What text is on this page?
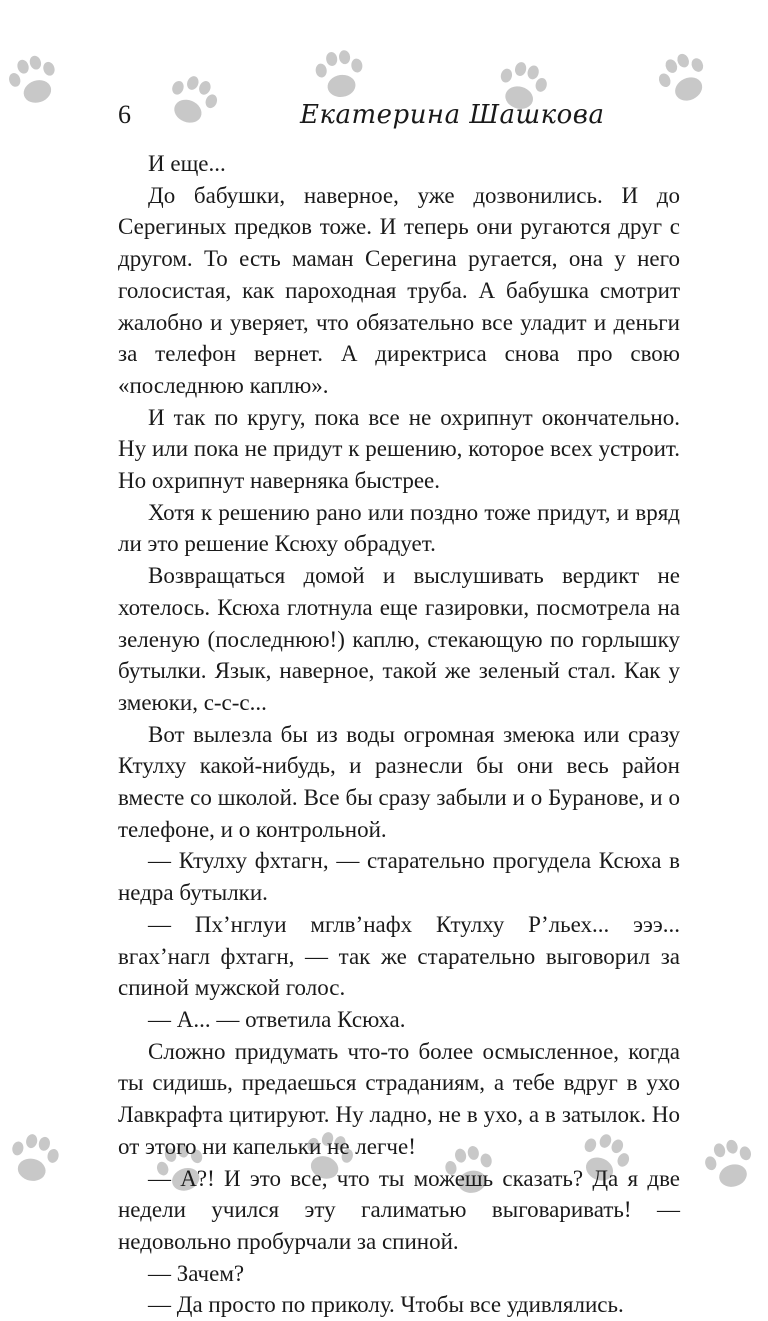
6	Екатерина Шашкова

И еще...

До бабушки, наверное, уже дозвонились. И до Серегиных предков тоже. И теперь они ругаются друг с другом. То есть маман Серегина ругается, она у него голосистая, как пароходная труба. А бабушка смотрит жалобно и уверяет, что обязательно все уладит и деньги за телефон вернет. А директриса снова про свою «последнюю каплю».

И так по кругу, пока все не охрипнут окончательно. Ну или пока не придут к решению, которое всех устроит. Но охрипнут наверняка быстрее.

Хотя к решению рано или поздно тоже придут, и вряд ли это решение Ксюху обрадует.

Возвращаться домой и выслушивать вердикт не хотелось. Ксюха глотнула еще газировки, посмотрела на зеленую (последнюю!) каплю, стекающую по горлышку бутылки. Язык, наверное, такой же зеленый стал. Как у змеюки, с-с-с...

Вот вылезла бы из воды огромная змеюка или сразу Ктулху какой-нибудь, и разнесли бы они весь район вместе со школой. Все бы сразу забыли и о Буранове, и о телефоне, и о контрольной.

— Ктулху фхтагн, — старательно прогудела Ксюха в недра бутылки.

— Пх’нглуи мглв’нафх Ктулху Р’льех... эээ... вгах’нагл фхтагн, — так же старательно выговорил за спиной мужской голос.

— А... — ответила Ксюха.

Сложно придумать что-то более осмысленное, когда ты сидишь, предаешься страданиям, а тебе вдруг в ухо Лавкрафта цитируют. Ну ладно, не в ухо, а в затылок. Но от этого ни капельки не легче!

— А?! И это все, что ты можешь сказать? Да я две недели учился эту галиматью выговаривать! — недовольно пробурчали за спиной.

— Зачем?

— Да просто по приколу. Чтобы все удивлялись.
